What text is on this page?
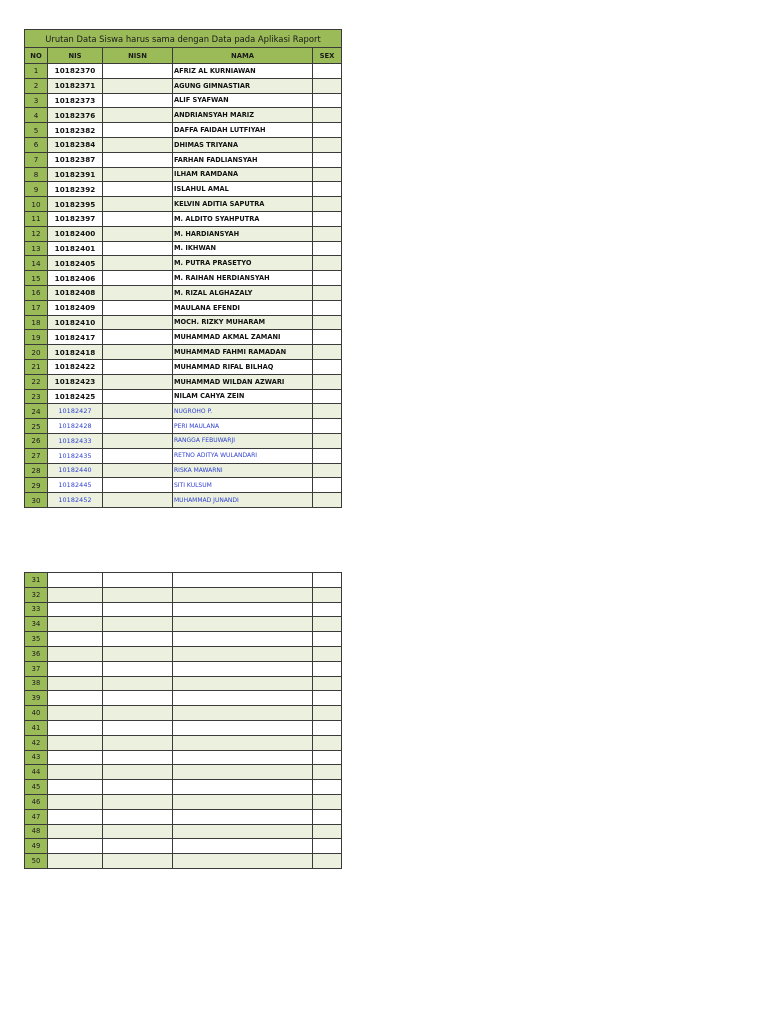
Urutan Data Siswa harus sama dengan Data pada Aplikasi Raport				
NO	NIS	NISN	NAMA	SEX
1	10182370		AFRIZ AL KURNIAWAN	
2	10182371		AGUNG GIMNASTIAR	
3	10182373		ALIF SYAFWAN	
4	10182376		ANDRIANSYAH MARIZ	
5	10182382		DAFFA FAIDAH LUTFIYAH	
6	10182384		DHIMAS TRIYANA	
7	10182387		FARHAN FADLIANSYAH	
8	10182391		ILHAM RAMDANA	
9	10182392		ISLAHUL AMAL	
10	10182395		KELVIN ADITIA SAPUTRA	
11	10182397		M. ALDITO SYAHPUTRA	
12	10182400		M. HARDIANSYAH	
13	10182401		M. IKHWAN	
14	10182405		M. PUTRA PRASETYO	
15	10182406		M. RAIHAN HERDIANSYAH	
16	10182408		M. RIZAL ALGHAZALY	
17	10182409		MAULANA EFENDI	
18	10182410		MOCH. RIZKY MUHARAM	
19	10182417		MUHAMMAD AKMAL ZAMANI	
20	10182418		MUHAMMAD FAHMI RAMADAN	
21	10182422		MUHAMMAD RIFAL BILHAQ	
22	10182423		MUHAMMAD WILDAN AZWARI	
23	10182425		NILAM CAHYA ZEIN	
24	10182427		NUGROHO P.	
25	10182428		PERI MAULANA	
26	10182433		RANGGA FEBUWARJI	
27	10182435		RETNO ADITYA WULANDARI	
28	10182440		RISKA MAWARNI	
29	10182445		SITI KULSUM	
30	10182452		MUHAMMAD JUNANDI	
31				
32				
33				
34				
35				
36				
37				
38				
39				
40				
41				
42				
43				
44				
45				
46				
47				
48				
49				
50				
